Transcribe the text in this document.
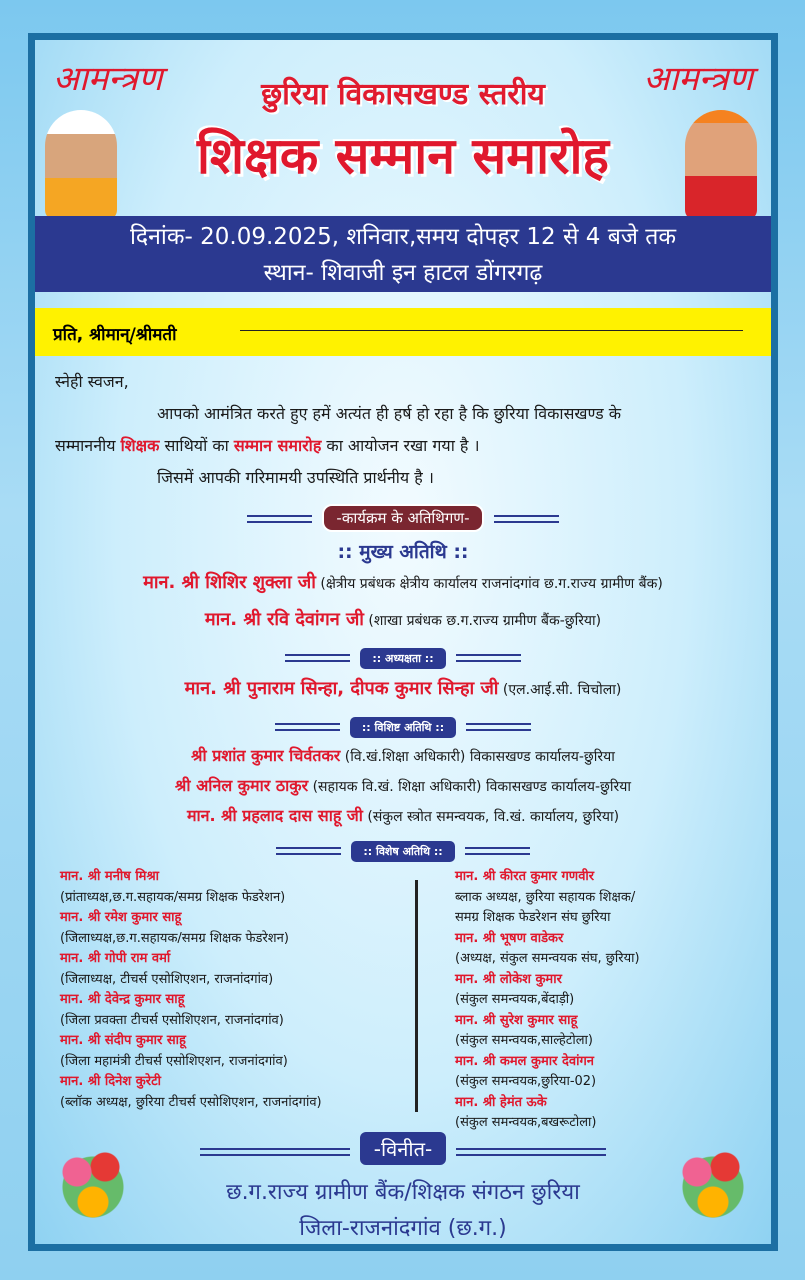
आमन्त्रण	आमन्त्रण
छुरिया विकासखण्ड स्तरीय
शिक्षक सम्मान समारोह
दिनांक- 20.09.2025, शनिवार,समय दोपहर 12 से 4 बजे तक
स्थान- शिवाजी इन हाटल डोंगरगढ़
प्रति, श्रीमान्/श्रीमती
स्नेही स्वजन,
आपको आमंत्रित करते हुए हमें अत्यंत ही हर्ष हो रहा है कि छुरिया विकासखण्ड के
सम्माननीय शिक्षक साथियों का सम्मान समारोह का आयोजन रखा गया है ।
जिसमें आपकी गरिमामयी उपस्थिति प्रार्थनीय है ।
-कार्यक्रम के अतिथिगण-
:: मुख्य अतिथि ::
मान. श्री शिशिर शुक्ला जी (क्षेत्रीय प्रबंधक क्षेत्रीय कार्यालय राजनांदगांव छ.ग.राज्य ग्रामीण बैंक)
मान. श्री रवि देवांगन जी (शाखा प्रबंधक छ.ग.राज्य ग्रामीण बैंक-छुरिया)
:: अध्यक्षता ::
मान. श्री पुनाराम सिन्हा, दीपक कुमार सिन्हा जी (एल.आई.सी. चिचोला)
:: विशिष्ट अतिथि ::
श्री प्रशांत कुमार चिर्वतकर (वि.खं.शिक्षा अधिकारी) विकासखण्ड कार्यालय-छुरिया
श्री अनिल कुमार ठाकुर (सहायक वि.खं. शिक्षा अधिकारी) विकासखण्ड कार्यालय-छुरिया
मान. श्री प्रहलाद दास साहू जी (संकुल स्त्रोत समन्वयक, वि.खं. कार्यालय, छुरिया)
:: विशेष अतिथि ::
मान. श्री मनीष मिश्रा
(प्रांताध्यक्ष,छ.ग.सहायक/समग्र शिक्षक फेडरेशन)
मान. श्री रमेश कुमार साहू
(जिलाध्यक्ष,छ.ग.सहायक/समग्र शिक्षक फेडरेशन)
मान. श्री गोपी राम वर्मा
(जिलाध्यक्ष, टीचर्स एसोशिएशन, राजनांदगांव)
मान. श्री देवेन्द्र कुमार साहू
(जिला प्रवक्ता टीचर्स एसोशिएशन, राजनांदगांव)
मान. श्री संदीप कुमार साहू
(जिला महामंत्री टीचर्स एसोशिएशन, राजनांदगांव)
मान. श्री दिनेश कुरेटी
(ब्लॉक अध्यक्ष, छुरिया टीचर्स एसोशिएशन, राजनांदगांव)
मान. श्री कीरत कुमार गणवीर
ब्लाक अध्यक्ष, छुरिया सहायक शिक्षक/
समग्र शिक्षक फेडरेशन संघ छुरिया
मान. श्री भूषण वाडेकर
(अध्यक्ष, संकुल समन्वयक संघ, छुरिया)
मान. श्री लोकेश कुमार
(संकुल समन्वयक,बेंदाड़ी)
मान. श्री सुरेश कुमार साहू
(संकुल समन्वयक,साल्हेटोला)
मान. श्री कमल कुमार देवांगन
(संकुल समन्वयक,छुरिया-02)
मान. श्री हेमंत ऊके
(संकुल समन्वयक,बखरूटोला)
-विनीत-
छ.ग.राज्य ग्रामीण बैंक/शिक्षक संगठन छुरिया
जिला-राजनांदगांव (छ.ग.)
